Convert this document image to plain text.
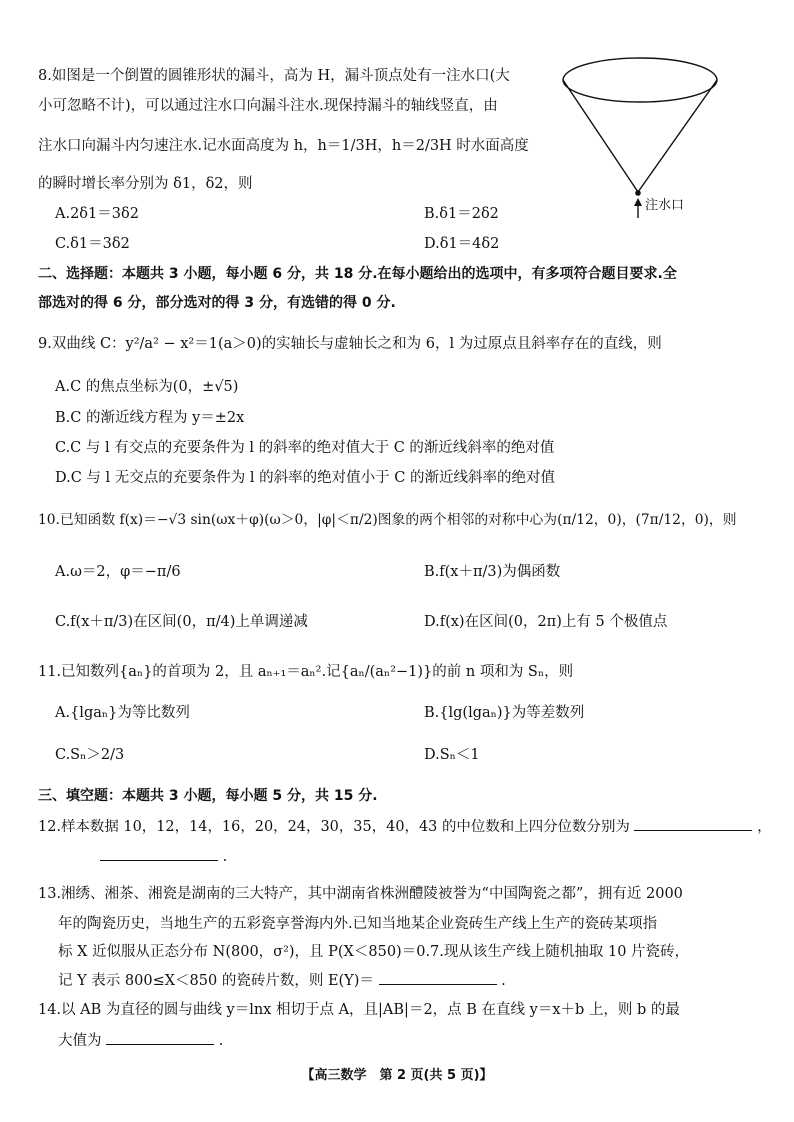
8.如图是一个倒置的圆锥形状的漏斗，高为 H，漏斗顶点处有一注水口(大
小可忽略不计)，可以通过注水口向漏斗注水.现保持漏斗的轴线竖直，由
注水口向漏斗内匀速注水.记水面高度为 h，h＝1/3H，h＝2/3H 时水面高度
的瞬时增长率分别为 δ1，δ2，则
A.2δ1＝3δ2	B.δ1＝2δ2
C.δ1＝3δ2	D.δ1＝4δ2
注水口
二、选择题：本题共 3 小题，每小题 6 分，共 18 分.在每小题给出的选项中，有多项符合题目要求.全
部选对的得 6 分，部分选对的得 3 分，有选错的得 0 分.
9.双曲线 C：y²/a² − x²＝1(a＞0)的实轴长与虚轴长之和为 6，l 为过原点且斜率存在的直线，则
A.C 的焦点坐标为(0，±√5)
B.C 的渐近线方程为 y＝±2x
C.C 与 l 有交点的充要条件为 l 的斜率的绝对值大于 C 的渐近线斜率的绝对值
D.C 与 l 无交点的充要条件为 l 的斜率的绝对值小于 C 的渐近线斜率的绝对值
10.已知函数 f(x)＝−√3 sin(ωx＋φ)(ω＞0，|φ|＜π/2)图象的两个相邻的对称中心为(π/12，0)，(7π/12，0)，则
A.ω＝2，φ＝−π/6	B.f(x＋π/3)为偶函数
C.f(x＋π/3)在区间(0，π/4)上单调递减	D.f(x)在区间(0，2π)上有 5 个极值点
11.已知数列{aₙ}的首项为 2，且 aₙ₊₁＝aₙ².记{aₙ/(aₙ²−1)}的前 n 项和为 Sₙ，则
A.{lgaₙ}为等比数列	B.{lg(lgaₙ)}为等差数列
C.Sₙ＞2/3	D.Sₙ＜1
三、填空题：本题共 3 小题，每小题 5 分，共 15 分.
12.样本数据 10，12，14，16，20，24，30，35，40，43 的中位数和上四分位数分别为	，
.
13.湘绣、湘茶、湘瓷是湖南的三大特产，其中湖南省株洲醴陵被誉为“中国陶瓷之都”，拥有近 2000
年的陶瓷历史，当地生产的五彩瓷享誉海内外.已知当地某企业瓷砖生产线上生产的瓷砖某项指
标 X 近似服从正态分布 N(800，σ²)，且 P(X＜850)＝0.7.现从该生产线上随机抽取 10 片瓷砖，
记 Y 表示 800≤X＜850 的瓷砖片数，则 E(Y)＝	.
14.以 AB 为直径的圆与曲线 y＝lnx 相切于点 A，且|AB|＝2，点 B 在直线 y＝x＋b 上，则 b 的最
大值为	.
【高三数学　第 2 页(共 5 页)】
